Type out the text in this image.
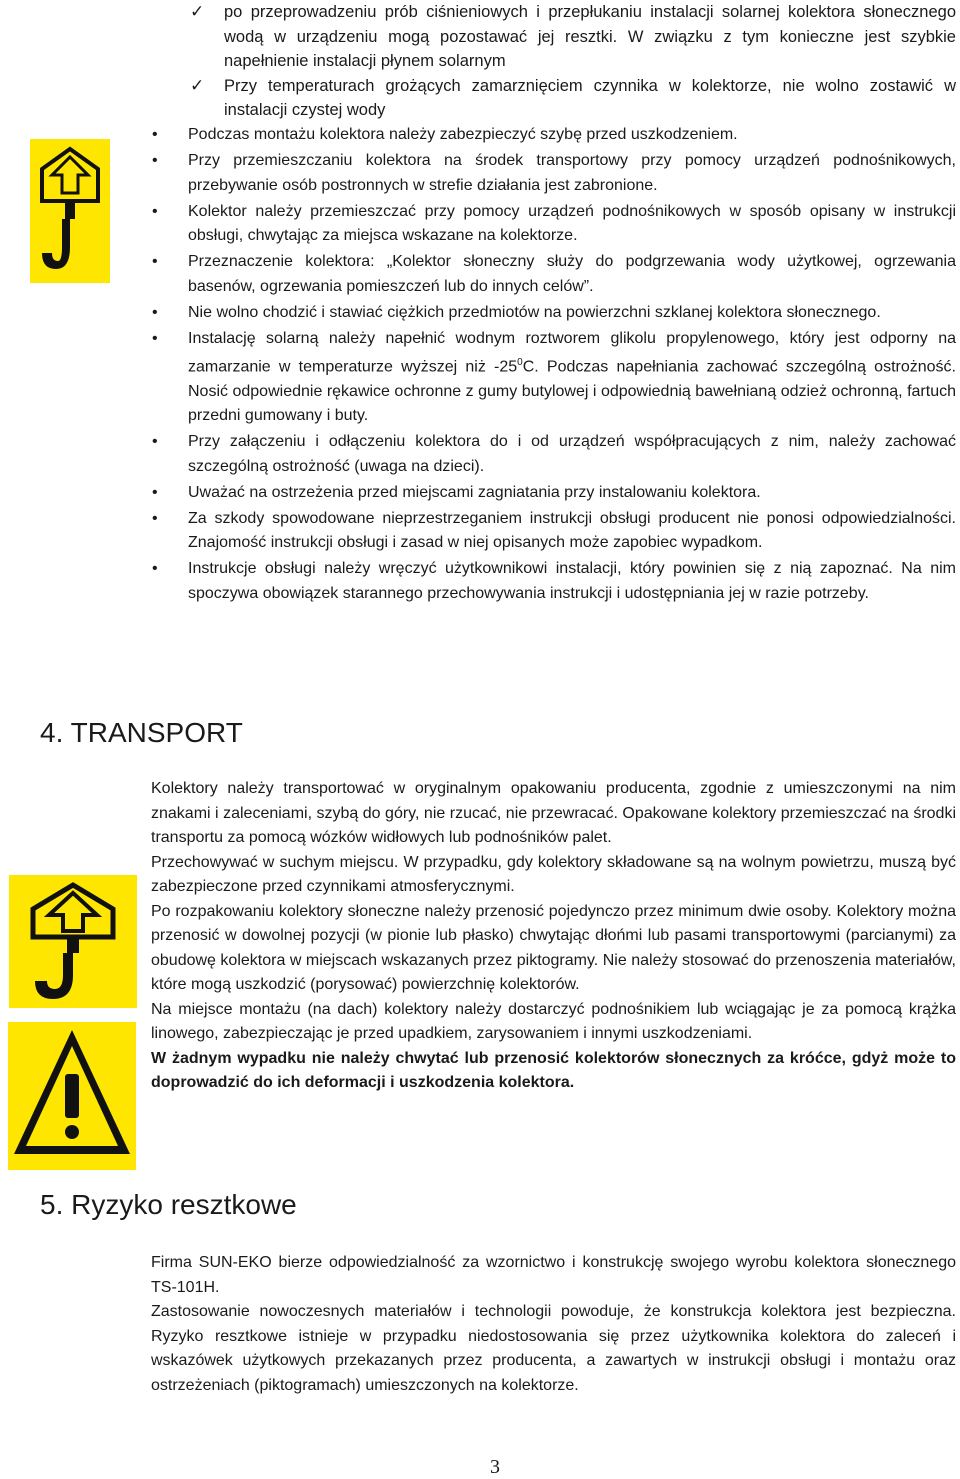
✓ po przeprowadzeniu prób ciśnieniowych i przepłukaniu instalacji solarnej kolektora słonecznego wodą w urządzeniu mogą pozostawać jej resztki. W związku z tym konieczne jest szybkie napełnienie instalacji płynem solarnym
✓ Przy temperaturach grożących zamarznięciem czynnika w kolektorze, nie wolno zostawić w instalacji czystej wody
• Podczas montażu kolektora należy zabezpieczyć szybę przed uszkodzeniem.

• Przy przemieszczaniu kolektora na środek transportowy przy pomocy urządzeń podnośnikowych, przebywanie osób postronnych w strefie działania jest zabronione.

• Kolektor należy przemieszczać przy pomocy urządzeń podnośnikowych w sposób opisany w instrukcji obsługi, chwytając za miejsca wskazane na kolektorze.

• Przeznaczenie kolektora: „Kolektor słoneczny służy do podgrzewania wody użytkowej, ogrzewania basenów, ogrzewania pomieszczeń lub do innych celów”.

• Nie wolno chodzić i stawiać ciężkich przedmiotów na powierzchni szklanej kolektora słonecznego.

• Instalację solarną należy napełnić wodnym roztworem glikolu propylenowego, który jest odporny na zamarzanie w temperaturze wyższej niż $-25^0C$. Podczas napełniania zachować szczególną ostrożność. Nosić odpowiednie rękawice ochronne z gumy butylowej i odpowiednią bawełnianą odzież ochronną, fartuch przedni gumowany i buty.

• Przy załączeniu i odłączeniu kolektora do i od urządzeń współpracujących z nim, należy zachować szczególną ostrożność (uwaga na dzieci).

• Uważać na ostrzeżenia przed miejscami zagniatania przy instalowaniu kolektora.

• Za szkody spowodowane nieprzestrzeganiem instrukcji obsługi producent nie ponosi odpowiedzialności. Znajomość instrukcji obsługi i zasad w niej opisanych może zapobiec wypadkom.

• Instrukcje obsługi należy wręczyć użytkownikowi instalacji, który powinien się z nią zapoznać. Na nim spoczywa obowiązek starannego przechowywania instrukcji i udostępniania jej w razie potrzeby.

4. TRANSPORT

Kolektory należy transportować w oryginalnym opakowaniu producenta, zgodnie z umieszczonymi na nim znakami i zaleceniami, szybą do góry, nie rzucać, nie przewracać. Opakowane kolektory przemieszczać na środki transportu za pomocą wózków widłowych lub podnośników palet.

Przechowywać w suchym miejscu. W przypadku, gdy kolektory składowane są na wolnym powietrzu, muszą być zabezpieczone przed czynnikami atmosferycznymi.

Po rozpakowaniu kolektory słoneczne należy przenosić pojedynczo przez minimum dwie osoby. Kolektory można przenosić w dowolnej pozycji (w pionie lub płasko) chwytając dłońmi lub pasami transportowymi (parcianymi) za obudowę kolektora w miejscach wskazanych przez piktogramy. Nie należy stosować do przenoszenia materiałów, które mogą uszkodzić (porysować) powierzchnię kolektorów.

Na miejsce montażu (na dach) kolektory należy dostarczyć podnośnikiem lub wciągając je za pomocą krążka linowego, zabezpieczając je przed upadkiem, zarysowaniem i innymi uszkodzeniami.

W żadnym wypadku nie należy chwytać lub przenosić kolektorów słonecznych za króćce, gdyż może to doprowadzić do ich deformacji i uszkodzenia kolektora.

5. Ryzyko resztkowe

Firma SUN-EKO bierze odpowiedzialność za wzornictwo i konstrukcję swojego wyrobu kolektora słonecznego TS-101H.

Zastosowanie nowoczesnych materiałów i technologii powoduje, że konstrukcja kolektora jest bezpieczna. Ryzyko resztkowe istnieje w przypadku niedostosowania się przez użytkownika kolektora do zaleceń i wskazówek użytkowych przekazanych przez producenta, a zawartych w instrukcji obsługi i montażu oraz ostrzeżeniach (piktogramach) umieszczonych na kolektorze.

3
